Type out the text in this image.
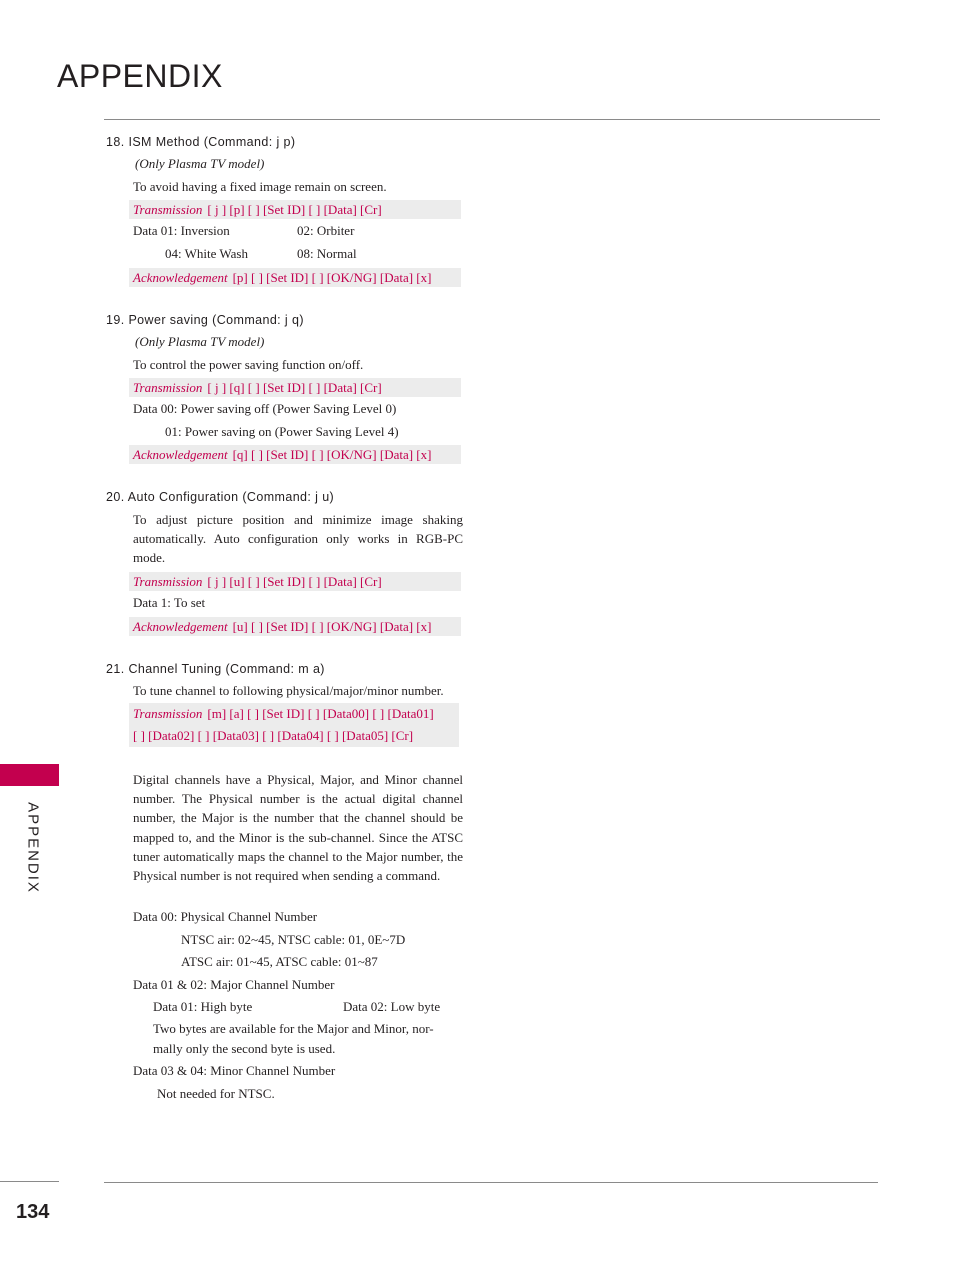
APPENDIX
APPENDIX
134
18. ISM Method (Command: j p)
(Only Plasma TV model)
To avoid having a fixed image remain on screen.
Transmission [ j ] [p] [ ] [Set ID] [ ] [Data] [Cr]
Data 01: Inversion	02: Orbiter
04: White Wash	08: Normal
Acknowledgement [p] [ ] [Set ID] [ ] [OK/NG] [Data] [x]
19. Power saving (Command: j q)
(Only Plasma TV model)
To control the power saving function on/off.
Transmission [ j ] [q] [ ] [Set ID] [ ] [Data] [Cr]
Data 00: Power saving off (Power Saving Level 0)
01: Power saving on (Power Saving Level 4)
Acknowledgement [q] [ ] [Set ID] [ ] [OK/NG] [Data] [x]
20. Auto Configuration (Command: j u)
To adjust picture position and minimize image shaking automatically. Auto configuration only works in RGB-PC mode.
Transmission [ j ] [u] [ ] [Set ID] [ ] [Data] [Cr]
Data 1: To set
Acknowledgement [u] [ ] [Set ID] [ ] [OK/NG] [Data] [x]
21. Channel Tuning (Command: m a)
To tune channel to following physical/major/minor number.
Transmission [m] [a] [ ] [Set ID] [ ] [Data00] [ ] [Data01]
[ ] [Data02] [ ] [Data03] [ ] [Data04] [ ] [Data05] [Cr]
Digital channels have a Physical, Major, and Minor channel number. The Physical number is the actual digital channel number, the Major is the number that the channel should be mapped to, and the Minor is the sub-channel. Since the ATSC tuner automatically maps the channel to the Major number, the Physical number is not required when sending a command.
Data 00: Physical Channel Number
NTSC air: 02~45, NTSC cable: 01, 0E~7D
ATSC air: 01~45, ATSC cable: 01~87
Data 01 & 02: Major Channel Number
Data 01: High byte	Data 02: Low byte
Two bytes are available for the Major and Minor, nor-
mally only the second byte is used.
Data 03 & 04: Minor Channel Number
Not needed for NTSC.
